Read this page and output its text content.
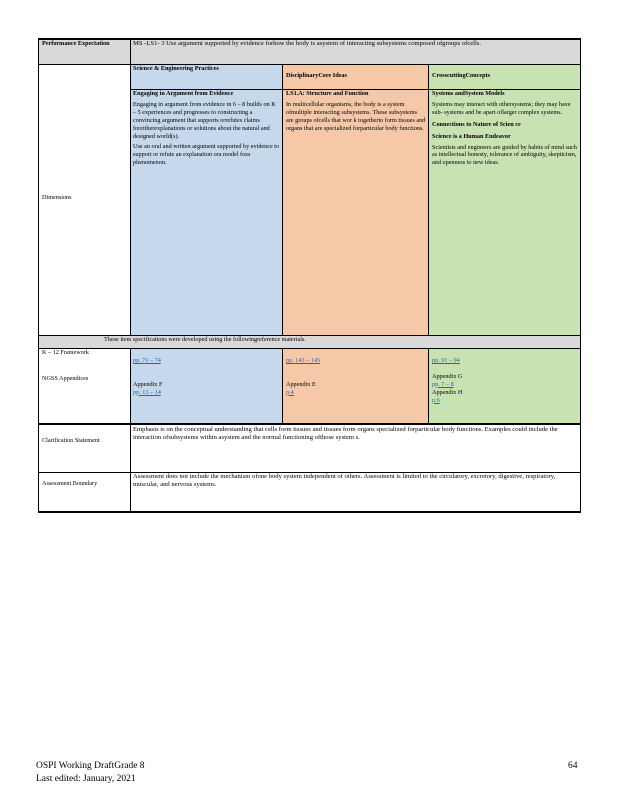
Performance Expectation	MS -LS1- 3 Use argument supported by evidence forhow the body is asystem of interacting subsystems composed ofgroups ofcells.
Dimensions
Science & Engineering Practices
DisciplinaryCore Ideas	CrosscuttingConcepts
Engaging in Argument from Evidence
Engaging in argument from evidence in 6 – 8 builds on K – 5 experiences and progresses to constructing a convincing argument that supports orrefutes claims foreitherexplanations or solutions about the natural and designed world(s).
Use an oral and written argument supported by evidence to support or refute an explanation ora model fora phenomenon.
LS1.A: Structure and Function
In multicellular organisms, the body is a system ofmultiple interacting subsystems. These subsystems are groups ofcells that wor k togetherto form tissues and organs that are specialized forparticular body functions.
Systems andSystem Models
Systems may interact with othersystems; they may have sub- systems and be apart oflarger complex systems.
Connections to Nature of Scien ce
Science is a Human Endeavor
Scientists and engineers are guided by habits of mind such as intellectual honesty, tolerance of ambiguity, skepticism, and openness to new ideas.
These item specifications were developed using the followingreference materials.
K – 12 Framework
NGSS Appendices
pp. 71 – 74
Appendix F
pp. 13 – 14
pp. 143 – 145
Appendix E
p.4
pp. 91 – 94
Appendix G
pp. 7 – 8
Appendix H
p.6
Clarification Statement
Emphasis is on the conceptual understanding that cells form tissues and tissues form organs specialized forparticular body functions. Examples could include the interaction ofsubsystems within asystem and the normal functioning ofthose system s.
Assessment Boundary
Assessment does not include the mechanism ofone body system independent of others. Assessment is limited to the circulatory, excretory, digestive, respiratory, muscular, and nervous systems.
OSPI Working DraftGrade 8
Last edited: January, 2021
64
